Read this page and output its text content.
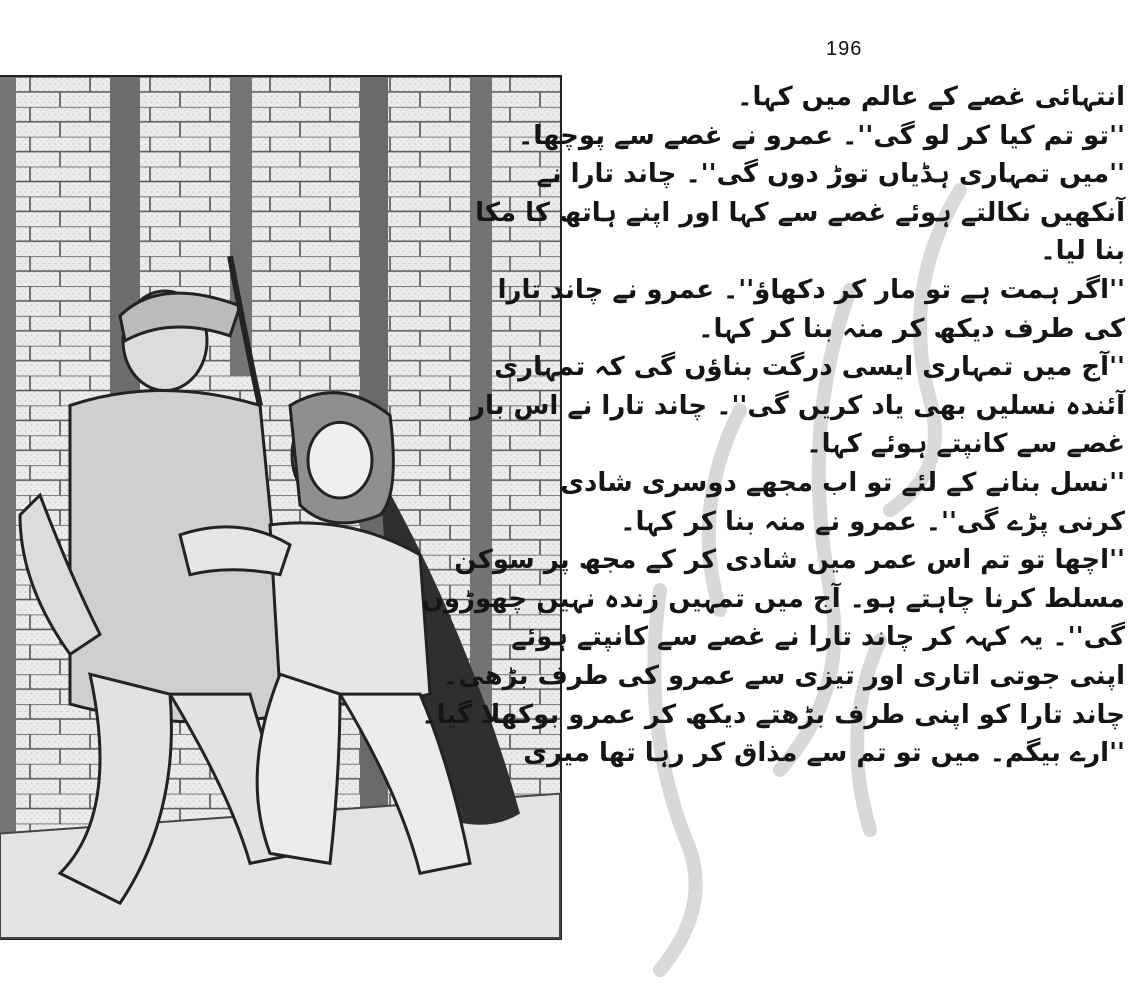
196
انتہائی غصے کے عالم میں کہا۔
''تو تم کیا کر لو گی''۔ عمرو نے غصے سے پوچھا۔
''میں تمہاری ہڈیاں توڑ دوں گی''۔ چاند تارا نے
آنکھیں نکالتے ہوئے غصے سے کہا اور اپنے ہاتھ کا مکا
بنا لیا۔
''اگر ہمت ہے تو مار کر دکھاؤ''۔ عمرو نے چاند تارا
کی طرف دیکھ کر منہ بنا کر کہا۔
''آج میں تمہاری ایسی درگت بناؤں گی کہ تمہاری
آئندہ نسلیں بھی یاد کریں گی''۔ چاند تارا نے اس بار
غصے سے کانپتے ہوئے کہا۔
''نسل بنانے کے لئے تو اب مجھے دوسری شادی
کرنی پڑے گی''۔ عمرو نے منہ بنا کر کہا۔
''اچھا تو تم اس عمر میں شادی کر کے مجھ پر سوکن
مسلط کرنا چاہتے ہو۔ آج میں تمہیں زندہ نہیں چھوڑوں
گی''۔ یہ کہہ کر چاند تارا نے غصے سے کانپتے ہوئے
اپنی جوتی اتاری اور تیزی سے عمرو کی طرف بڑھی۔
چاند تارا کو اپنی طرف بڑھتے دیکھ کر عمرو بوکھلا گیا۔
''ارے بیگم۔ میں تو تم سے مذاق کر رہا تھا میری
